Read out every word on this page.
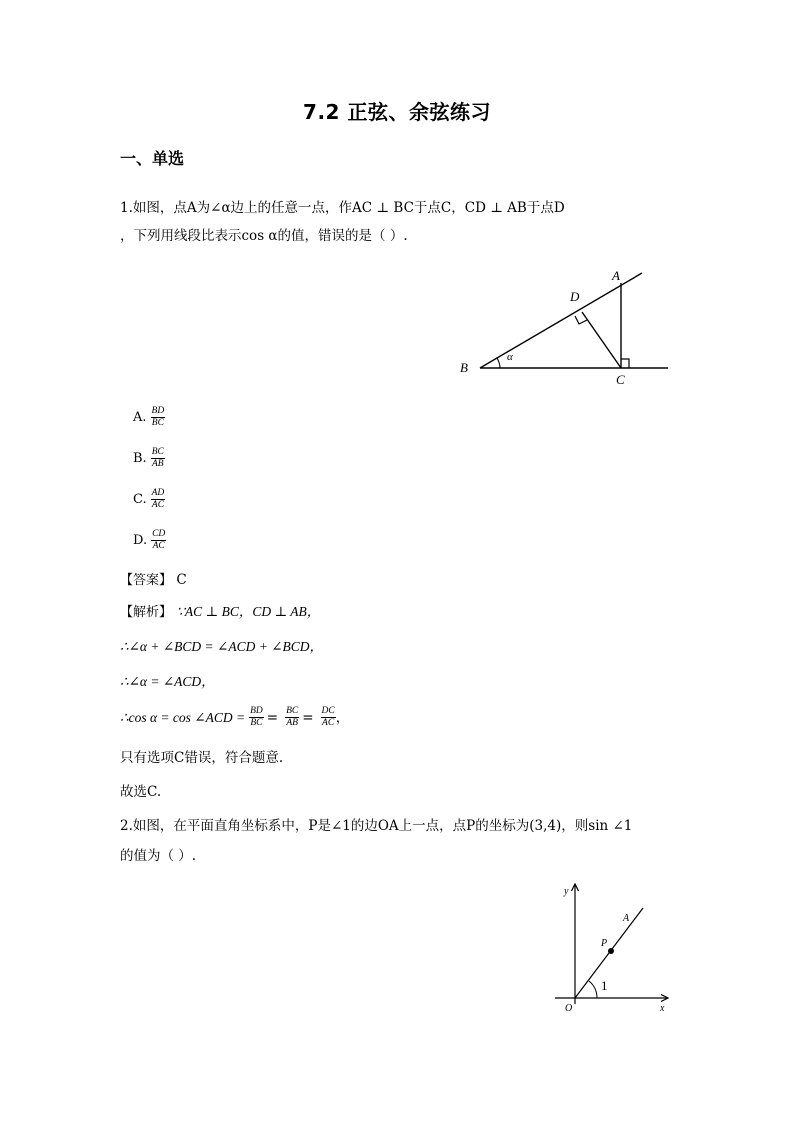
7.2 正弦、余弦练习
一、单选
1.如图，点A为∠α边上的任意一点，作AC ⊥ BC于点C，CD ⊥ AB于点D
，下列用线段比表示cos α的值，错误的是（ ）.
A
D
B
C
α
A. $\frac{BD}{BC}$
B. $\frac{BC}{AB}$
C. $\frac{AD}{AC}$
D. $\frac{CD}{AC}$
【答案】 C
【解析】 ∵AC ⊥ BC，CD ⊥ AB，
∴∠α + ∠BCD = ∠ACD + ∠BCD，
∴∠α = ∠ACD，
∴cos α = cos ∠ACD = $\frac{BD}{BC} = \frac{BC}{AB} = \frac{DC}{AC}$ ，
只有选项C错误，符合题意.
故选C.
2.如图，在平面直角坐标系中，P是∠1的边OA上一点，点P的坐标为(3,4)，则sin ∠1
的值为（ ）.
y
A
P
1
O	x
